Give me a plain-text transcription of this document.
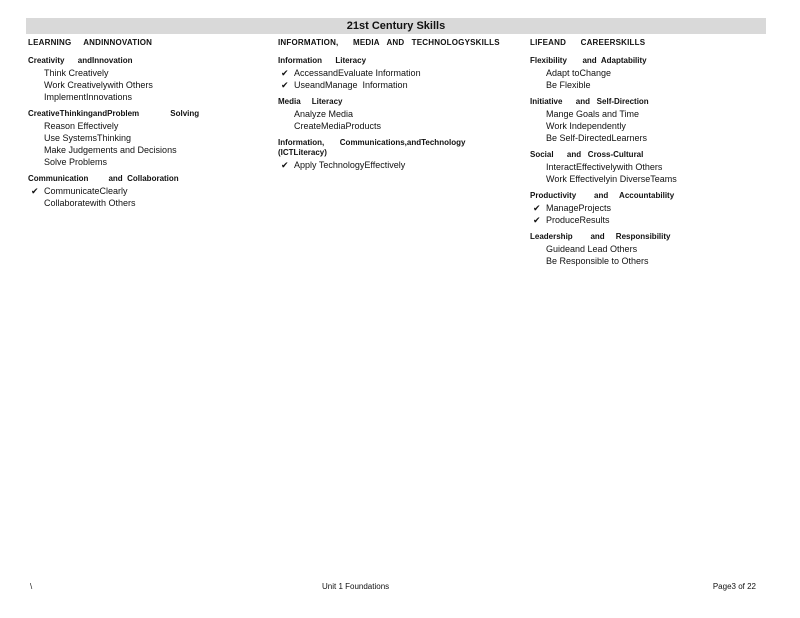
21st Century Skills
LEARNING     ANDINNOVATION
Creativity      andInnovation
Think Creatively
Work Creativelywith Others
ImplementInnovations
CreativeThinkingandProblem              Solving
Reason Effectively
Use SystemsThinking
Make Judgements and Decisions
Solve Problems
Communication         and  Collaboration
✔ CommunicateClearly
Collaboratewith Others
INFORMATION,      MEDIA   AND   TECHNOLOGYSKILLS
Information      Literacy
✔ AccessandEvaluate Information
✔ UseandManage  Information
Media     Literacy
Analyze Media
CreateMediaProducts
Information,       Communications,andTechnology
(ICTLiteracy)
✔ Apply TechnologyEffectively
LIFEAND      CAREERSKILLS
Flexibility       and  Adaptability
Adapt toChange
Be Flexible
Initiative      and   Self-Direction
Mange Goals and Time
Work Independently
Be Self-DirectedLearners
Social      and   Cross-Cultural
InteractEffectivelywith Others
Work Effectivelyin DiverseTeams
Productivity        and     Accountability
✔ ManageProjects
✔ ProduceResults
Leadership        and     Responsibility
Guideand Lead Others
Be Responsible to Others
\	Unit 1 Foundations	Page3 of 22
